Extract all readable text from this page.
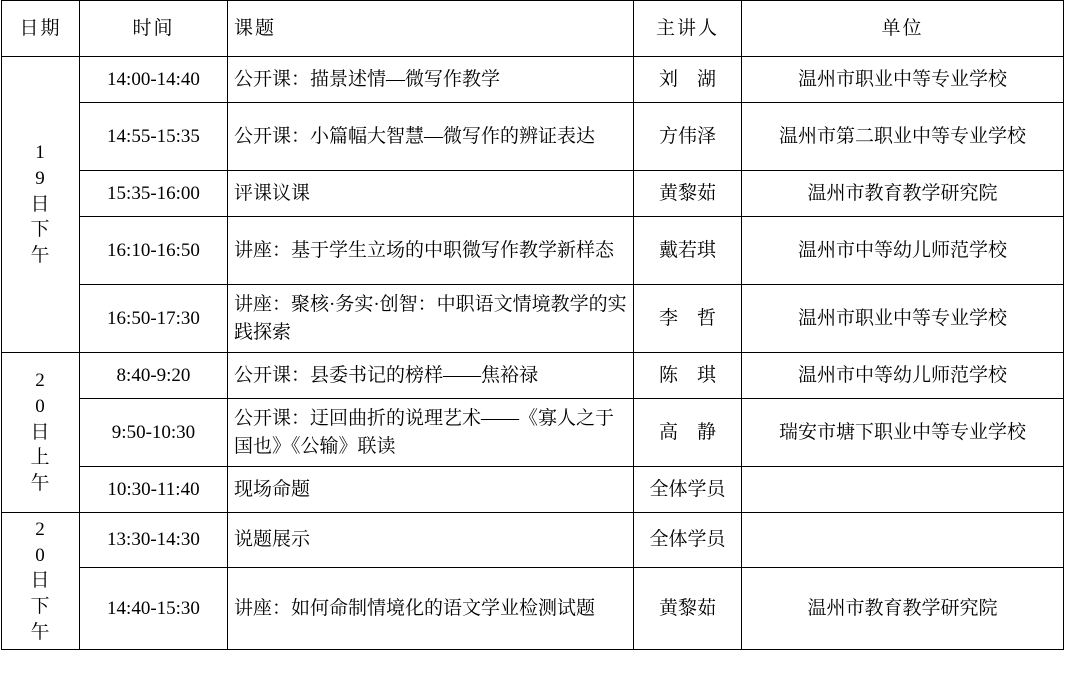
日期	时间	课题	主讲人	单位

1
9
日
下
午	14:00-14:40	公开课：描景述情—微写作教学	刘　湖	温州市职业中等专业学校
	14:55-15:35	公开课：小篇幅大智慧—微写作的辨证表达	方伟泽	温州市第二职业中等专业学校
	15:35-16:00	评课议课	黄黎茹	温州市教育教学研究院
	16:10-16:50	讲座：基于学生立场的中职微写作教学新样态	戴若琪	温州市中等幼儿师范学校
	16:50-17:30	讲座：聚核·务实·创智：中职语文情境教学的实践探索	李　哲	温州市职业中等专业学校

2
0
日
上
午	8:40-9:20	公开课：县委书记的榜样——焦裕禄	陈　琪	温州市中等幼儿师范学校
	9:50-10:30	公开课：迂回曲折的说理艺术——《寡人之于国也》《公输》联读	高　静	瑞安市塘下职业中等专业学校
	10:30-11:40	现场命题	全体学员	

2
0
日
下
午	13:30-14:30	说题展示	全体学员	
	14:40-15:30	讲座：如何命制情境化的语文学业检测试题	黄黎茹	温州市教育教学研究院
